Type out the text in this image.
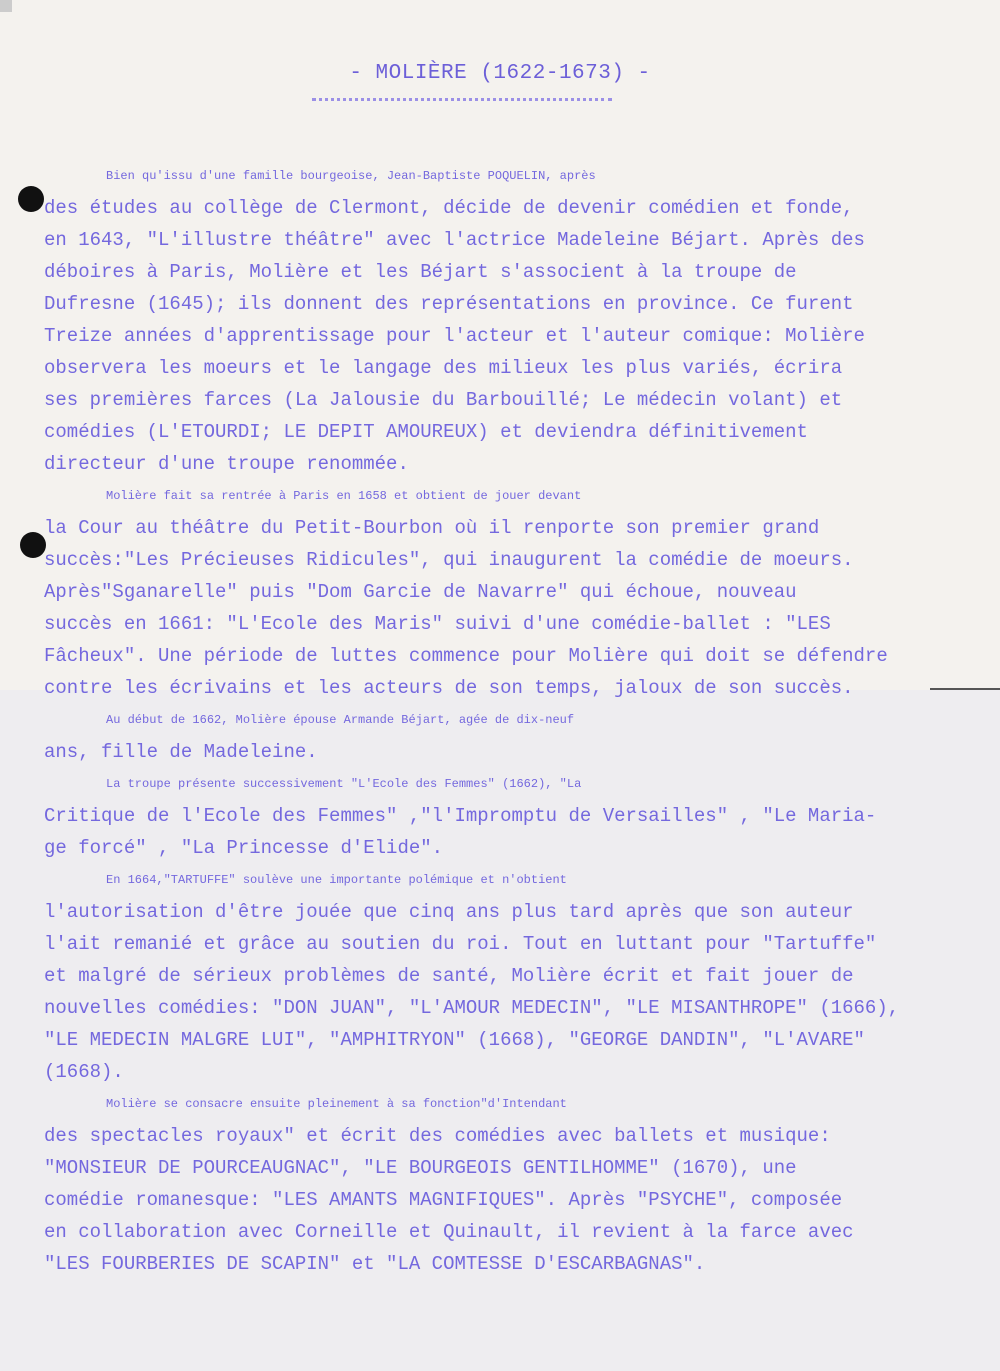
- MOLIÈRE (1622-1673) -
Bien qu'issu d'une famille bourgeoise, Jean-Baptiste POQUELIN, après
des études au collège de Clermont, décide de devenir comédien et fonde,
en 1643, "L'illustre théâtre" avec l'actrice Madeleine Béjart. Après des
déboires à Paris, Molière et les Béjart s'associent à la troupe de
Dufresne (1645); ils donnent des représentations en province. Ce furent
Treize années d'apprentissage pour l'acteur et l'auteur comique: Molière
observera les moeurs et le langage des milieux les plus variés, écrira
ses premières farces (La Jalousie du Barbouillé; Le médecin volant) et
comédies (L'ETOURDI; LE DEPIT AMOUREUX) et deviendra définitivement
directeur d'une troupe renommée.
Molière fait sa rentrée à Paris en 1658 et obtient de jouer devant
la Cour au théâtre du Petit-Bourbon où il renporte son premier grand
succès:"Les Précieuses Ridicules", qui inaugurent la comédie de moeurs.
Après"Sganarelle" puis "Dom Garcie de Navarre" qui échoue, nouveau
succès en 1661: "L'Ecole des Maris" suivi d'une comédie-ballet : "LES
Fâcheux". Une période de luttes commence pour Molière qui doit se défendre
contre les écrivains et les acteurs de son temps, jaloux de son succès.
Au début de 1662, Molière épouse Armande Béjart, agée de dix-neuf
ans, fille de Madeleine.
La troupe présente successivement "L'Ecole des Femmes" (1662), "La
Critique de l'Ecole des Femmes" ,"l'Impromptu de Versailles" , "Le Maria-
ge forcé" , "La Princesse d'Elide".
En 1664,"TARTUFFE" soulève une importante polémique et n'obtient
l'autorisation d'être jouée que cinq ans plus tard après que son auteur
l'ait remanié et grâce au soutien du roi. Tout en luttant pour "Tartuffe"
et malgré de sérieux problèmes de santé, Molière écrit et fait jouer de
nouvelles comédies: "DON JUAN", "L'AMOUR MEDECIN", "LE MISANTHROPE" (1666),
"LE MEDECIN MALGRE LUI", "AMPHITRYON" (1668), "GEORGE DANDIN", "L'AVARE"
(1668).
Molière se consacre ensuite pleinement à sa fonction"d'Intendant
des spectacles royaux" et écrit des comédies avec ballets et musique:
"MONSIEUR DE POURCEAUGNAC", "LE BOURGEOIS GENTILHOMME" (1670), une
comédie romanesque: "LES AMANTS MAGNIFIQUES". Après "PSYCHE", composée
en collaboration avec Corneille et Quinault, il revient à la farce avec
"LES FOURBERIES DE SCAPIN" et "LA COMTESSE D'ESCARBAGNAS".
